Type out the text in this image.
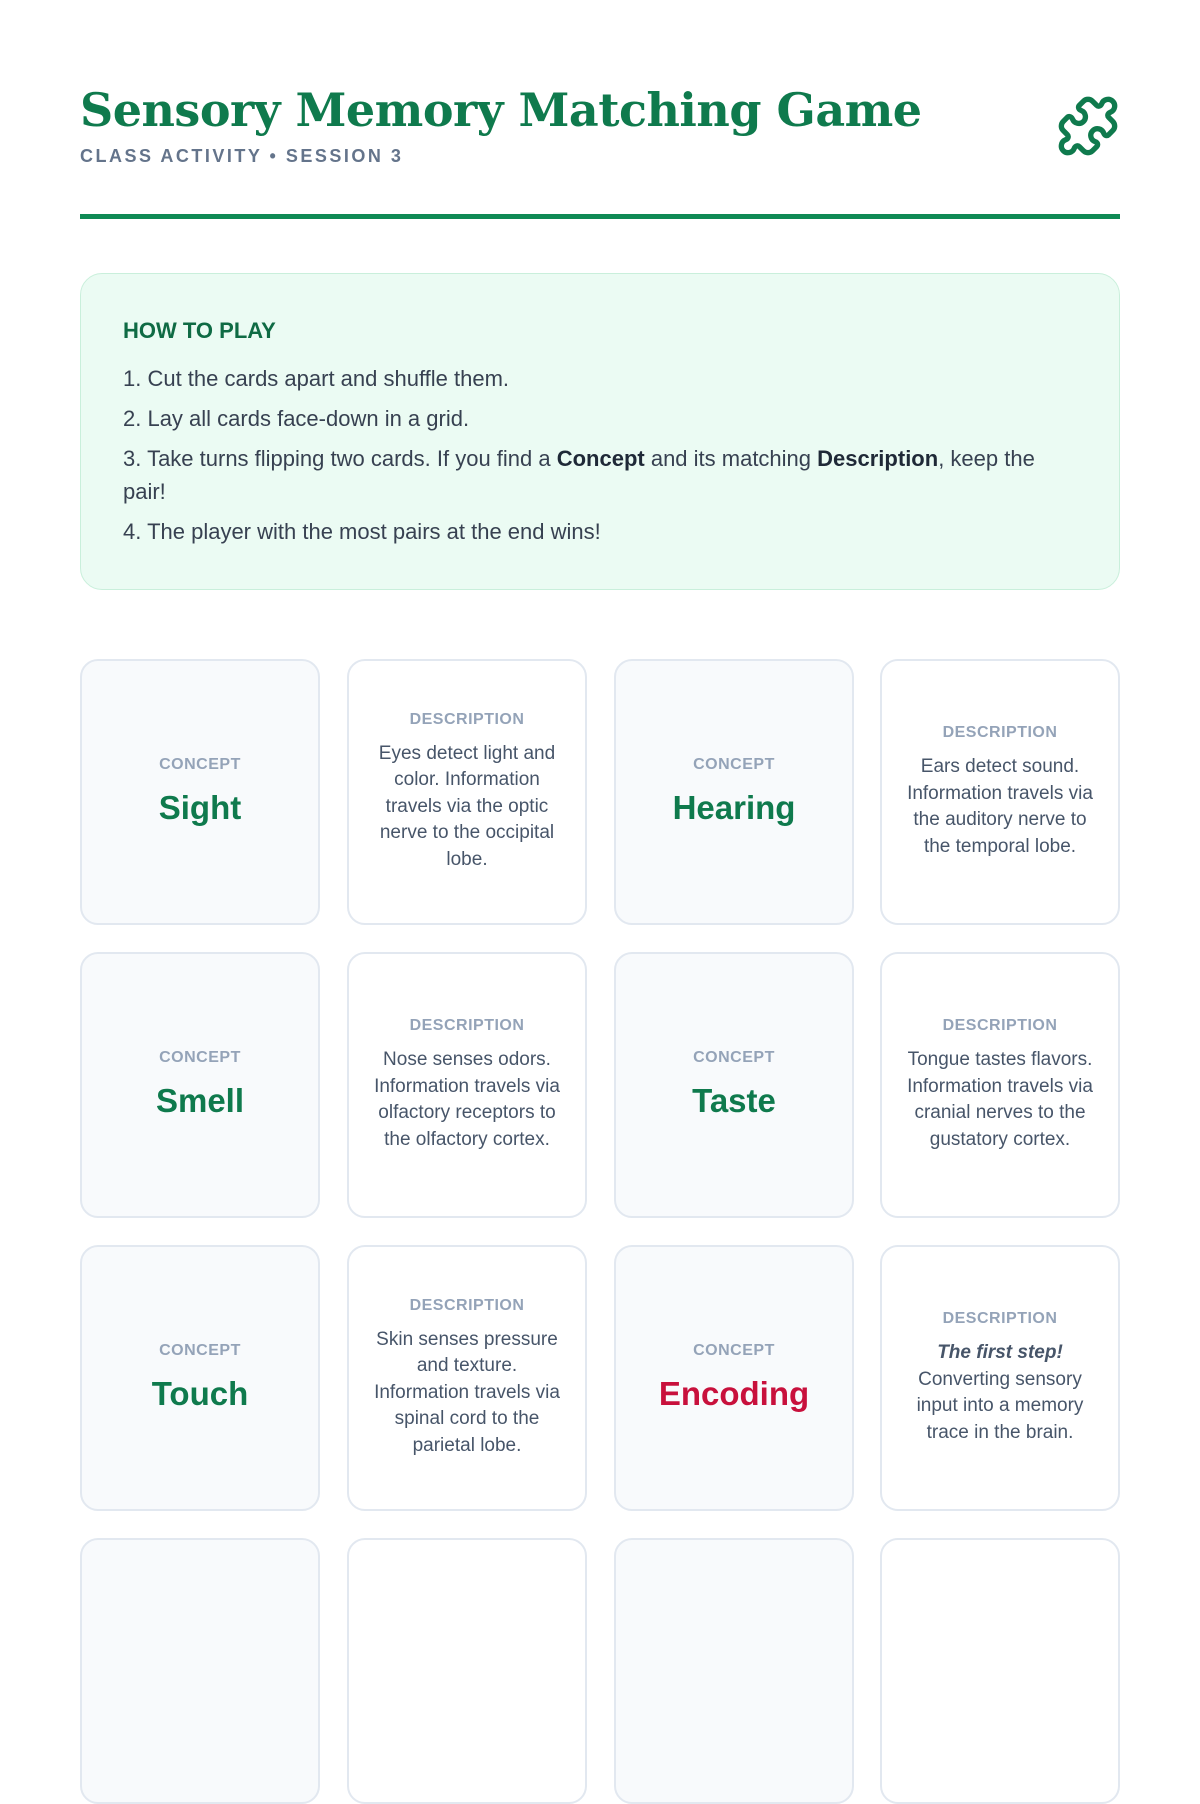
Sensory Memory Matching Game
CLASS ACTIVITY • SESSION 3
HOW TO PLAY
1. Cut the cards apart and shuffle them.
2. Lay all cards face-down in a grid.
3. Take turns flipping two cards. If you find a Concept and its matching Description, keep the pair!
4. The player with the most pairs at the end wins!
CONCEPT
Sight
DESCRIPTION
Eyes detect light and color. Information travels via the optic nerve to the occipital lobe.
CONCEPT
Hearing
DESCRIPTION
Ears detect sound. Information travels via the auditory nerve to the temporal lobe.
CONCEPT
Smell
DESCRIPTION
Nose senses odors. Information travels via olfactory receptors to the olfactory cortex.
CONCEPT
Taste
DESCRIPTION
Tongue tastes flavors. Information travels via cranial nerves to the gustatory cortex.
CONCEPT
Touch
DESCRIPTION
Skin senses pressure and texture. Information travels via spinal cord to the parietal lobe.
CONCEPT
Encoding
DESCRIPTION
The first step!
Converting sensory input into a memory trace in the brain.
